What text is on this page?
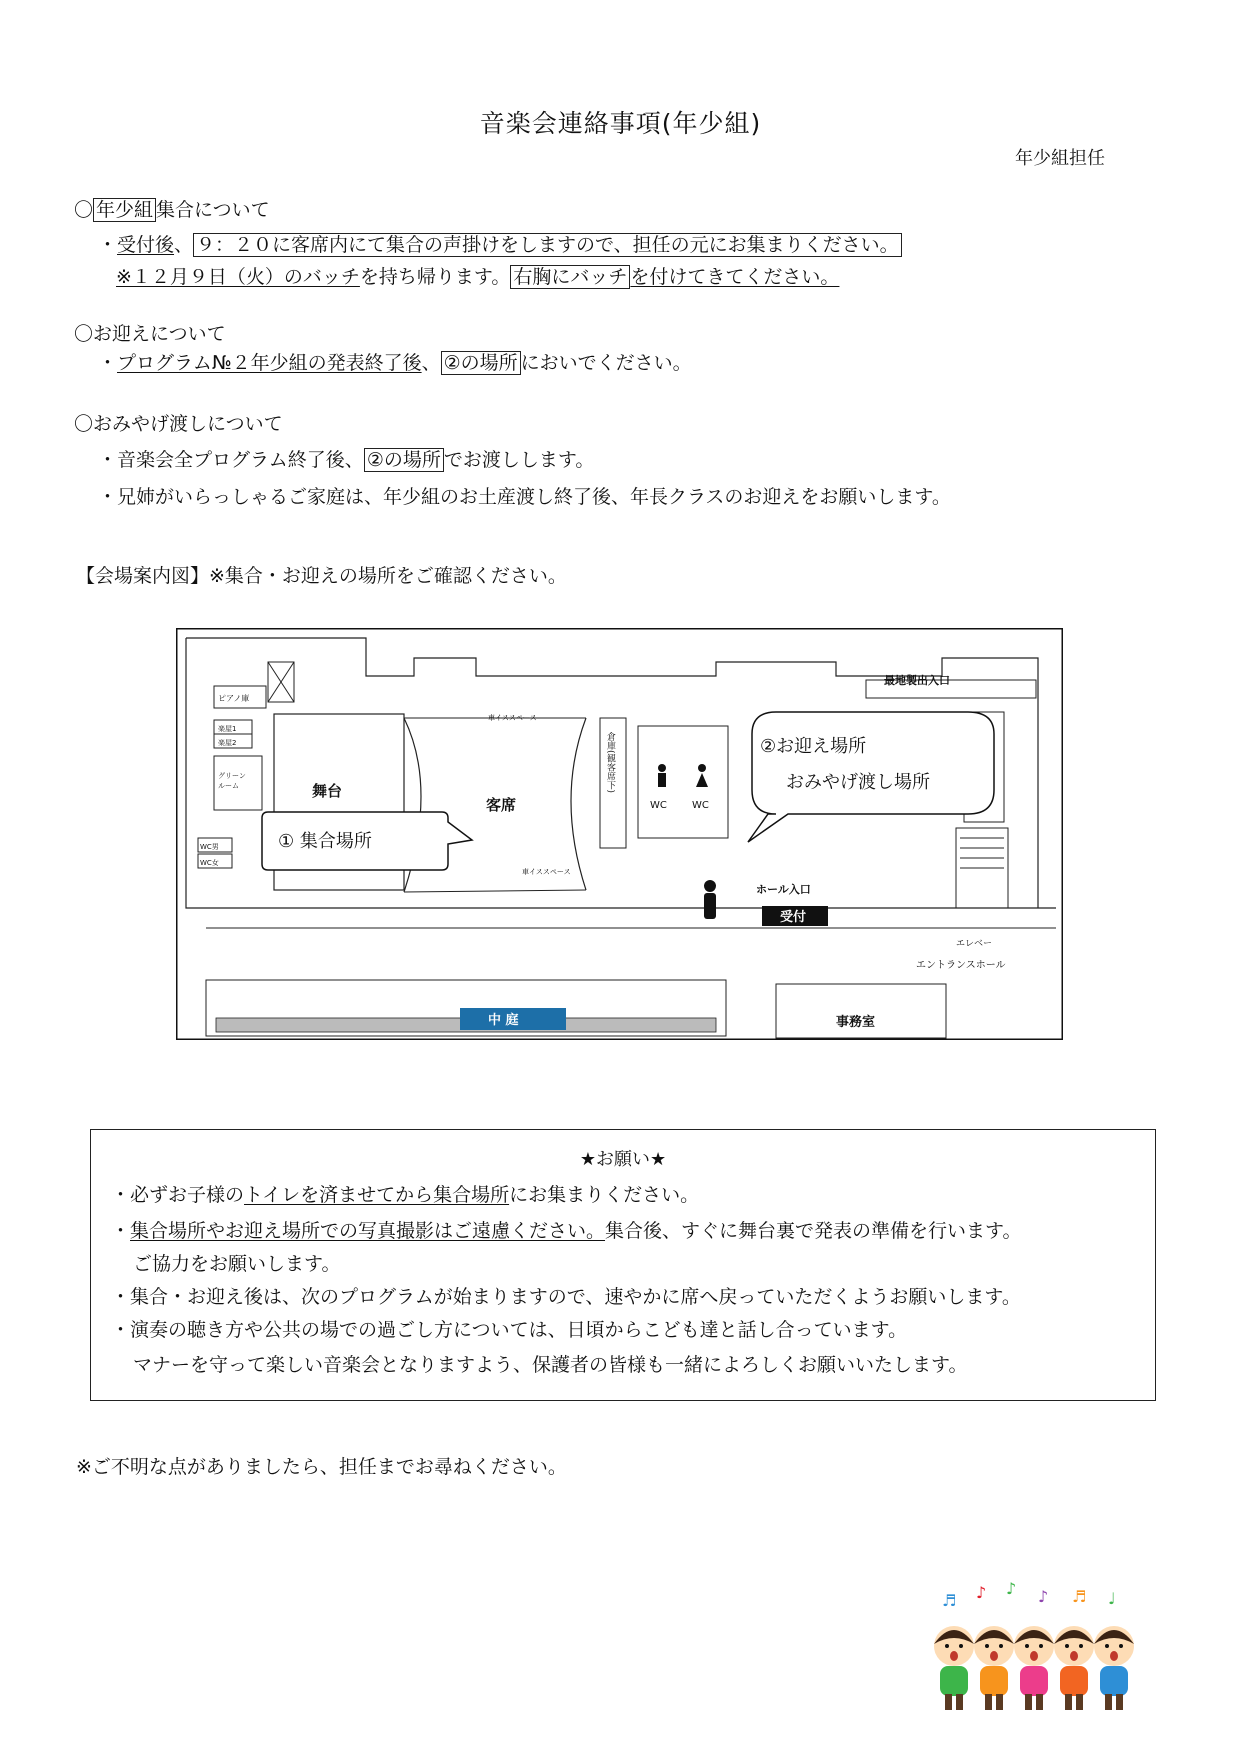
音楽会連絡事項(年少組)
年少組担任
〇 年少組 集合について
・受付後、 ９：２０に客席内にて集合の声掛けをしますので、担任の元にお集まりください。
※１２月９日（火）のバッチを持ち帰ります。 右胸にバッチ を付けてきてください。
〇お迎えについて
・プログラム№２年少組の発表終了後、 ②の場所 においでください。
〇おみやげ渡しについて
・音楽会全プログラム終了後、 ②の場所 でお渡しします。
・兄姉がいらっしゃるご家庭は、年少組のお土産渡し終了後、年長クラスのお迎えをお願いします。
【会場案内図】※集合・お迎えの場所をご確認ください。
舞台
客席
車イススペース
車イススペース
倉庫(観客席下)
WC	WC
ピアノ庫
楽屋1
楽屋2
グリーン
ルーム
WC男
WC女
最地製出入口
エレベー
エントランスホール
ホール入口
受付
中 庭	事務室
① 集合場所
②お迎え場所
おみやげ渡し場所
★お願い★
・必ずお子様のトイレを済ませてから集合場所にお集まりください。
・集合場所やお迎え場所での写真撮影はご遠慮ください。集合後、すぐに舞台裏で発表の準備を行います。
ご協力をお願いします。
・集合・お迎え後は、次のプログラムが始まりますので、速やかに席へ戻っていただくようお願いします。
・演奏の聴き方や公共の場での過ごし方については、日頃からこども達と話し合っています。
マナーを守って楽しい音楽会となりますよう、保護者の皆様も一緒によろしくお願いいたします。
※ご不明な点がありましたら、担任までお尋ねください。
♬ ♪ ♪ ♪ ♬ ♩
